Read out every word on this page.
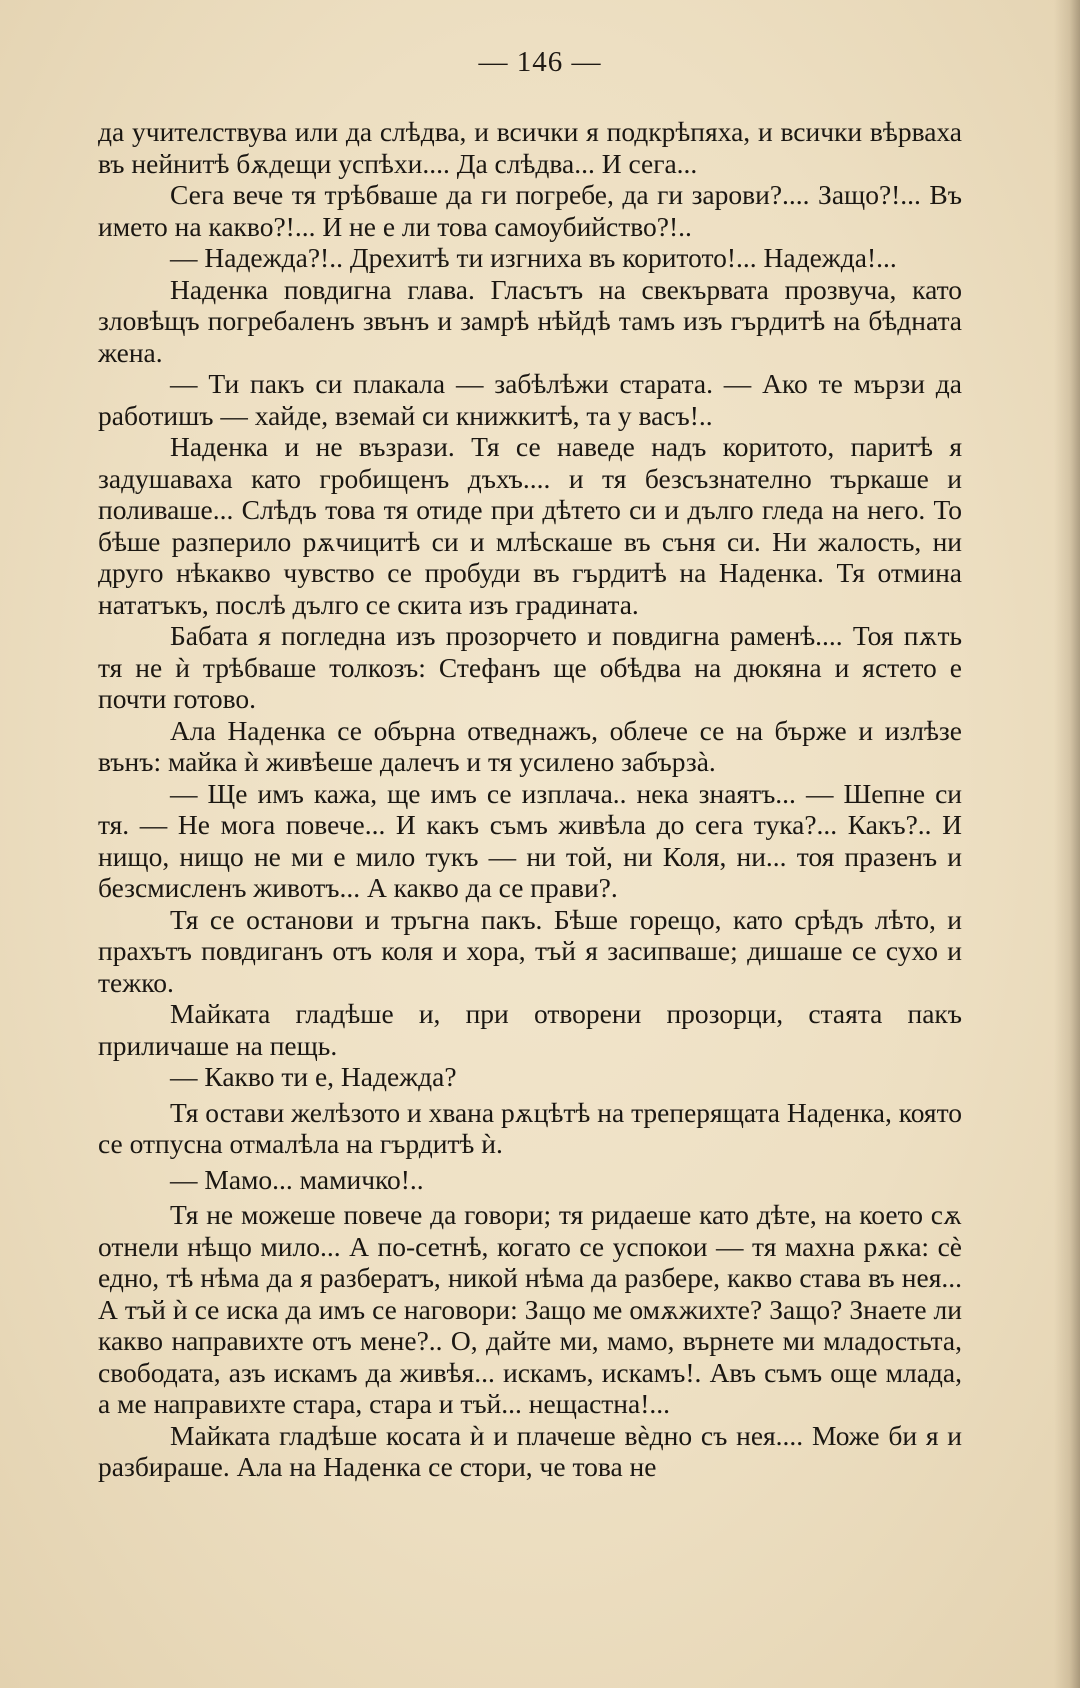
— 146 —

да учителствува или да слѣдва, и всички я подкрѣпяха, и всички вѣрваха въ нейнитѣ бѫдещи успѣхи.... Да слѣдва... И сега...

Сега вече тя трѣбваше да ги погребе, да ги зарови?.... Защо?!... Въ името на какво?!... И не е ли това самоубийство?!..

— Надежда?!.. Дрехитѣ ти изгниха въ коритото!... Надежда!...

Наденка повдигна глава. Гласътъ на свекървата прозвуча, като зловѣщъ погребаленъ звънъ и замрѣ нѣйдѣ тамъ изъ гърдитѣ на бѣдната жена.

— Ти пакъ си плакала — забѣлѣжи старата. — Ако те мързи да работишъ — хайде, вземай си книжкитѣ, та у васъ!..

Наденка и не възрази. Тя се наведе надъ коритото, паритѣ я задушаваха като гробищенъ дъхъ.... и тя безсъзнателно търкаше и поливаше... Слѣдъ това тя отиде при дѣтето си и дълго гледа на него. То бѣше разперило рѫчицитѣ си и млѣскаше въ съня си. Ни жалость, ни друго нѣкакво чувство се пробуди въ гърдитѣ на Наденка. Тя отмина нататъкъ, послѣ дълго се скита изъ градината.

Бабата я погледна изъ прозорчето и повдигна раменѣ.... Тоя пѫть тя не ѝ трѣбваше толкозъ: Стефанъ ще обѣдва на дюкяна и ястето е почти готово.

Ала Наденка се обърна отведнажъ, облече се на бърже и излѣзе вънъ: майка ѝ живѣеше далечъ и тя усилено забързà.

— Ще имъ кажа, ще имъ се изплача.. нека знаятъ... — Шепне си тя. — Не мога повече... И какъ съмъ живѣла до сега тука?... Какъ?.. И нищо, нищо не ми е мило тукъ — ни той, ни Коля, ни... тоя празенъ и безсмисленъ животъ... А какво да се прави?.

Тя се останови и тръгна пакъ. Бѣше горещо, като срѣдъ лѣто, и прахътъ повдиганъ отъ коля и хора, тъй я засипваше; дишаше се сухо и тежко.

Майката гладѣше и, при отворени прозорци, стаята пакъ приличаше на пещь.

— Какво ти е, Надежда?

Тя остави желѣзото и хвана рѫцѣтѣ на треперящата Наденка, която се отпусна отмалѣла на гърдитѣ ѝ.

— Мамо... мамичко!..

Тя не можеше повече да говори; тя ридаеше като дѣте, на което сѫ отнели нѣщо мило... А по-сетнѣ, когато се успокои — тя махна рѫка: сè едно, тѣ нѣма да я разбератъ, никой нѣма да разбере, какво става въ нея... А тъй ѝ се иска да имъ се наговори: Защо ме омѫжихте? Защо? Знаете ли какво направихте отъ мене?.. О, дайте ми, мамо, върнете ми младостьта, свободата, азъ искамъ да живѣя... искамъ, искамъ!. Авъ съмъ още млада, а ме направихте стара, стара и тъй... нещастна!...

Майката гладѣше косата ѝ и плачеше вѐдно съ нея.... Може би я и разбираше. Ала на Наденка се стори, че това не
